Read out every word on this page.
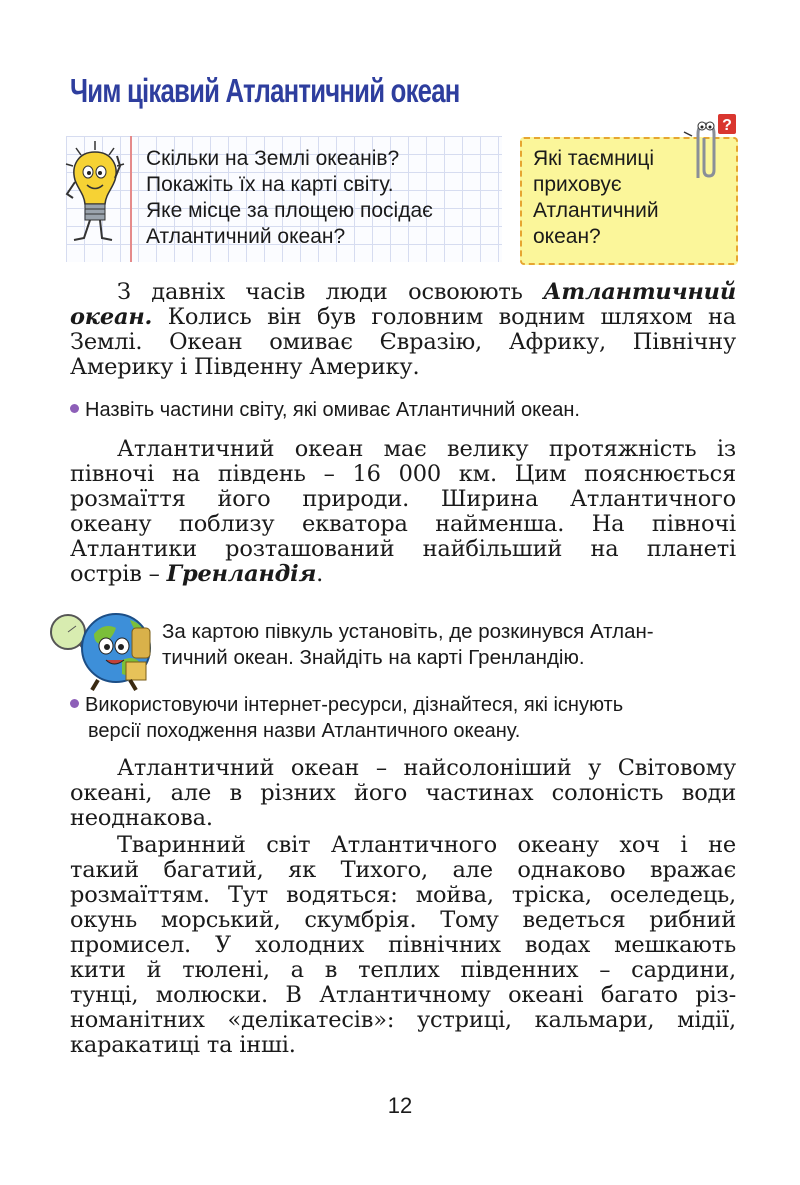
Чим цікавий Атлантичний океан
Скільки на Землі океанів?
Покажіть їх на карті світу.
Яке місце за площею посідає
Атлантичний океан?
Які таємниці
приховує
Атлантичний
океан?
?
З давніх часів люди освоюють Атлантичний
океан. Колись він був головним водним шляхом на
Землі. Океан омиває Євразію, Африку, Північну
Америку і Південну Америку.
Назвіть частини світу, які омиває Атлантичний океан.
Атлантичний океан має велику протяжність із
півночі на південь – 16 000 км. Цим пояснюється
розмаїття його природи. Ширина Атлантичного
океану поблизу екватора найменша. На півночі
Атлантики розташований найбільший на планеті
острів – Гренландія.
За картою півкуль установіть, де розкинувся Атлан-
тичний океан. Знайдіть на карті Гренландію.
Використовуючи інтернет-ресурси, дізнайтеся, які існують
версії походження назви Атлантичного океану.
Атлантичний океан – найсолоніший у Світовому
океані, але в різних його частинах солоність води
неоднакова.
Тваринний світ Атлантичного океану хоч і не
такий багатий, як Тихого, але однаково вражає
розмаїттям. Тут водяться: мойва, тріска, оселедець,
окунь морський, скумбрія. Тому ведеться рибний
промисел. У холодних північних водах мешкають
кити й тюлені, а в теплих південних – сардини,
тунці, молюски. В Атлантичному океані багато різ-
номанітних «делікатесів»: устриці, кальмари, мідії,
каракатиці та інші.
12
